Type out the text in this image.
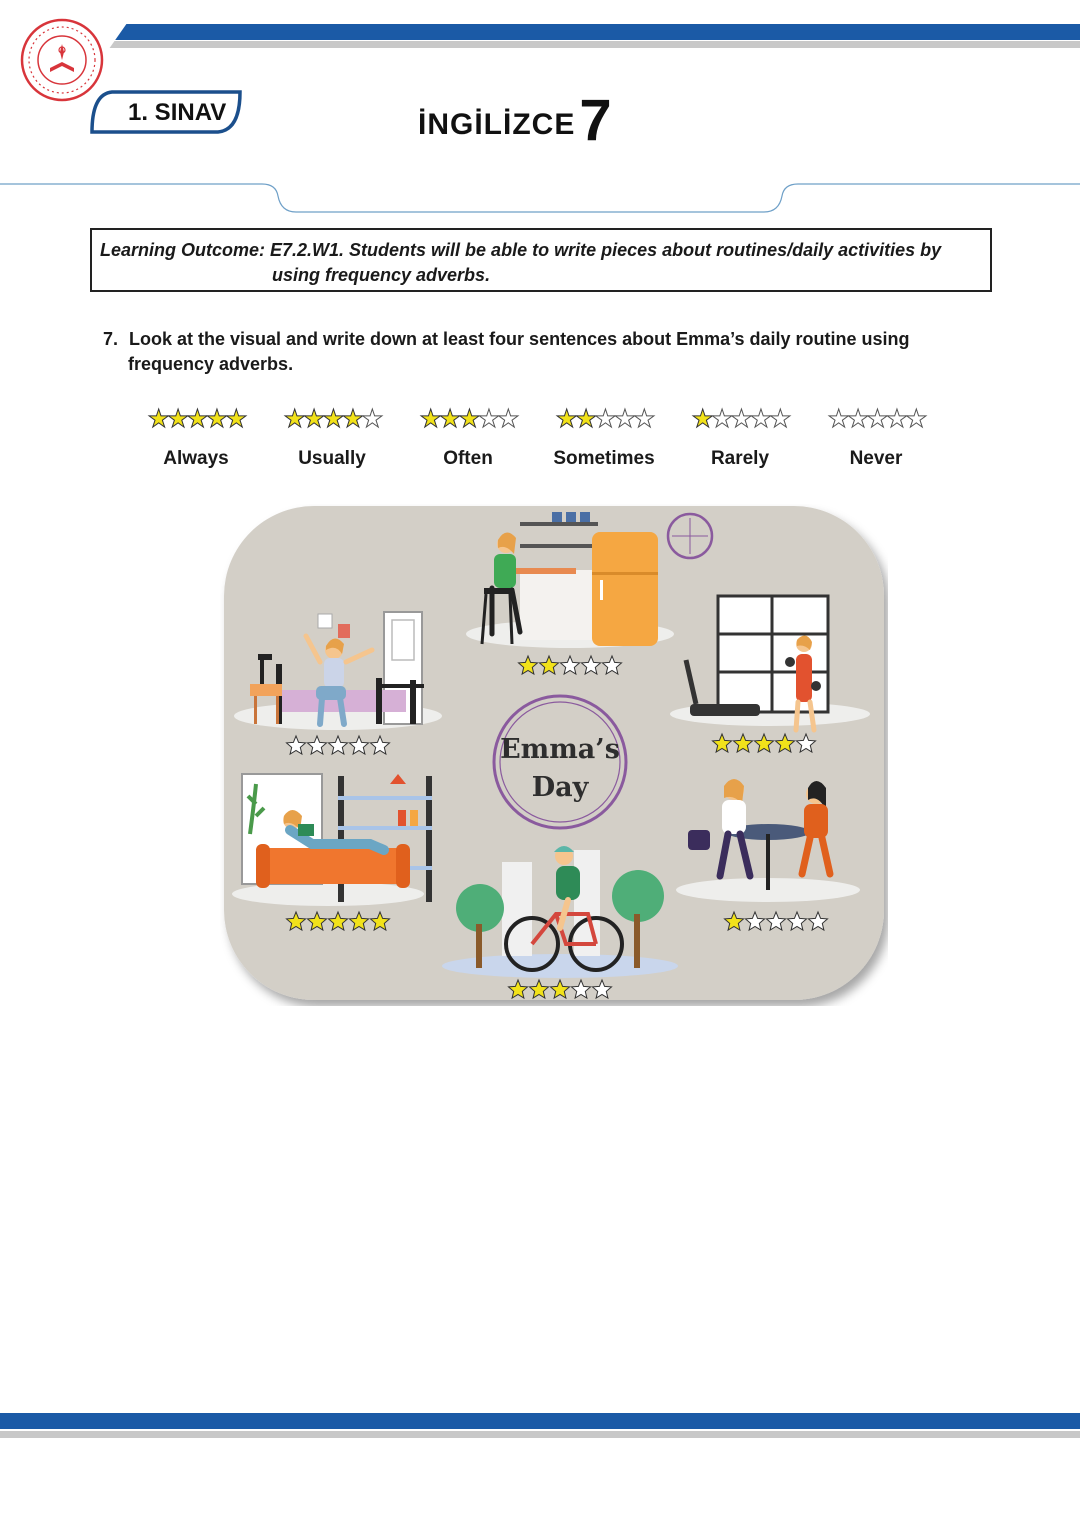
1. SINAV	İNGİLİZCE 7
Learning Outcome: E7.2.W1. Students will be able to write pieces about routines/daily activities by
using frequency adverbs.
7. Look at the visual and write down at least four sentences about Emma’s daily routine using
frequency adverbs.
★★★★★
Always
★★★★★
Usually
★★★★★
Often
★★★★★
Sometimes
★★★★★
Rarely
★★★★★
Never
Emma’s
Day
